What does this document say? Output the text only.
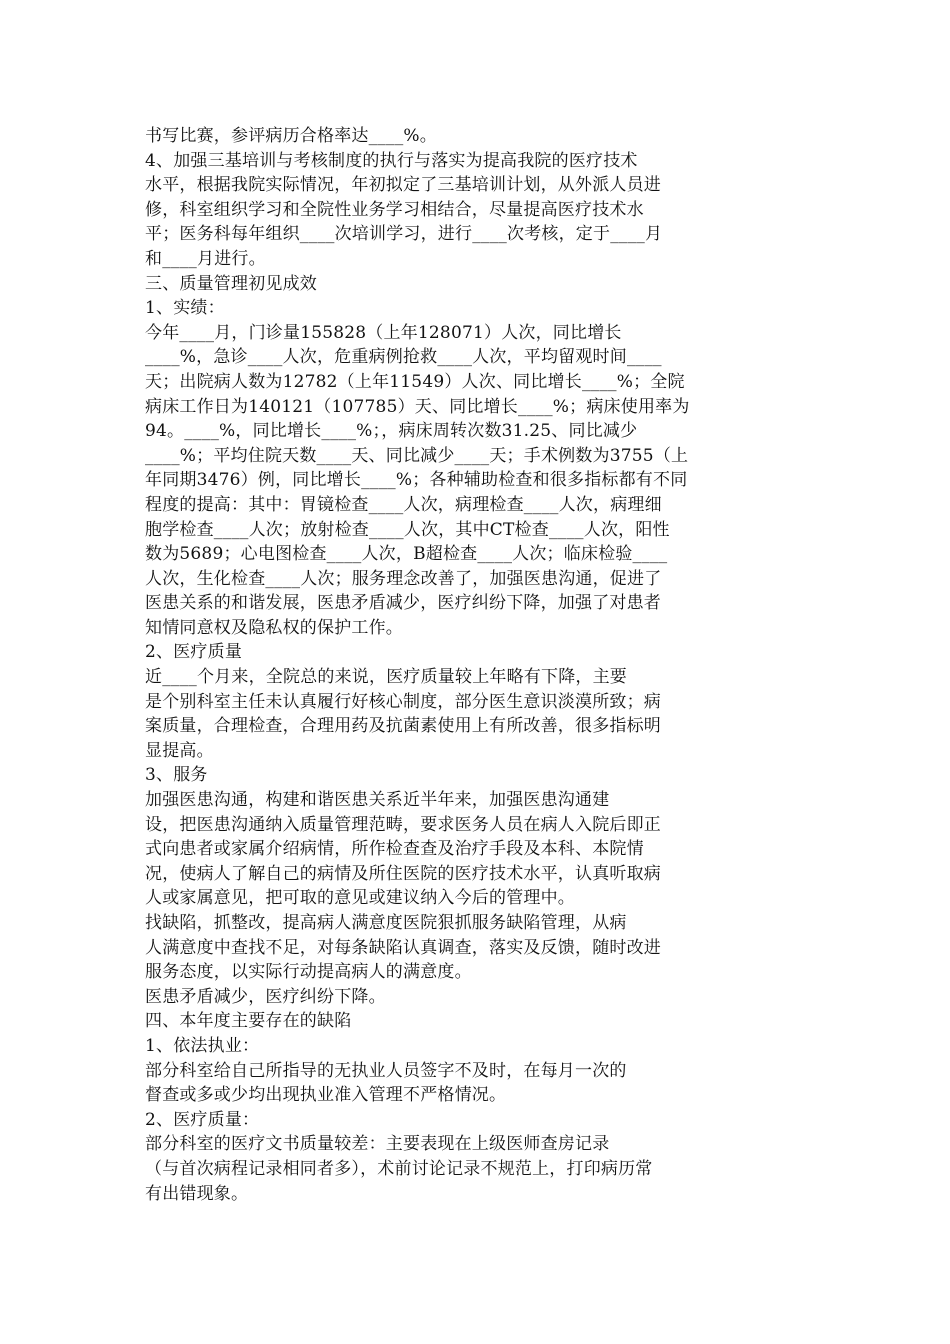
书写比赛，参评病历合格率达____%。
4、加强三基培训与考核制度的执行与落实为提高我院的医疗技术
水平，根据我院实际情况，年初拟定了三基培训计划，从外派人员进
修，科室组织学习和全院性业务学习相结合，尽量提高医疗技术水
平；医务科每年组织____次培训学习，进行____次考核，定于____月
和____月进行。
三、质量管理初见成效
1、实绩：
今年____月，门诊量155828（上年128071）人次，同比增长
____%，急诊____人次，危重病例抢救____人次，平均留观时间____
天；出院病人数为12782（上年11549）人次、同比增长____%；全院
病床工作日为140121（107785）天、同比增长____%；病床使用率为
94。____%，同比增长____%；，病床周转次数31.25、同比减少
____%；平均住院天数____天、同比减少____天；手术例数为3755（上
年同期3476）例，同比增长____%；各种辅助检查和很多指标都有不同
程度的提高：其中：胃镜检查____人次，病理检查____人次，病理细
胞学检查____人次；放射检查____人次，其中CT检查____人次，阳性
数为5689；心电图检查____人次，B超检查____人次；临床检验____
人次，生化检查____人次；服务理念改善了，加强医患沟通，促进了
医患关系的和谐发展，医患矛盾减少，医疗纠纷下降，加强了对患者
知情同意权及隐私权的保护工作。
2、医疗质量
近____个月来，全院总的来说，医疗质量较上年略有下降，主要
是个别科室主任未认真履行好核心制度，部分医生意识淡漠所致；病
案质量，合理检查，合理用药及抗菌素使用上有所改善，很多指标明
显提高。
3、服务
加强医患沟通，构建和谐医患关系近半年来，加强医患沟通建
设，把医患沟通纳入质量管理范畴，要求医务人员在病人入院后即正
式向患者或家属介绍病情，所作检查查及治疗手段及本科、本院情
况，使病人了解自己的病情及所住医院的医疗技术水平，认真听取病
人或家属意见，把可取的意见或建议纳入今后的管理中。
找缺陷，抓整改，提高病人满意度医院狠抓服务缺陷管理，从病
人满意度中查找不足，对每条缺陷认真调查，落实及反馈，随时改进
服务态度，以实际行动提高病人的满意度。
医患矛盾减少，医疗纠纷下降。
四、本年度主要存在的缺陷
1、依法执业：
部分科室给自己所指导的无执业人员签字不及时，在每月一次的
督查或多或少均出现执业准入管理不严格情况。
2、医疗质量：
部分科室的医疗文书质量较差：主要表现在上级医师查房记录
（与首次病程记录相同者多），术前讨论记录不规范上，打印病历常
有出错现象。
